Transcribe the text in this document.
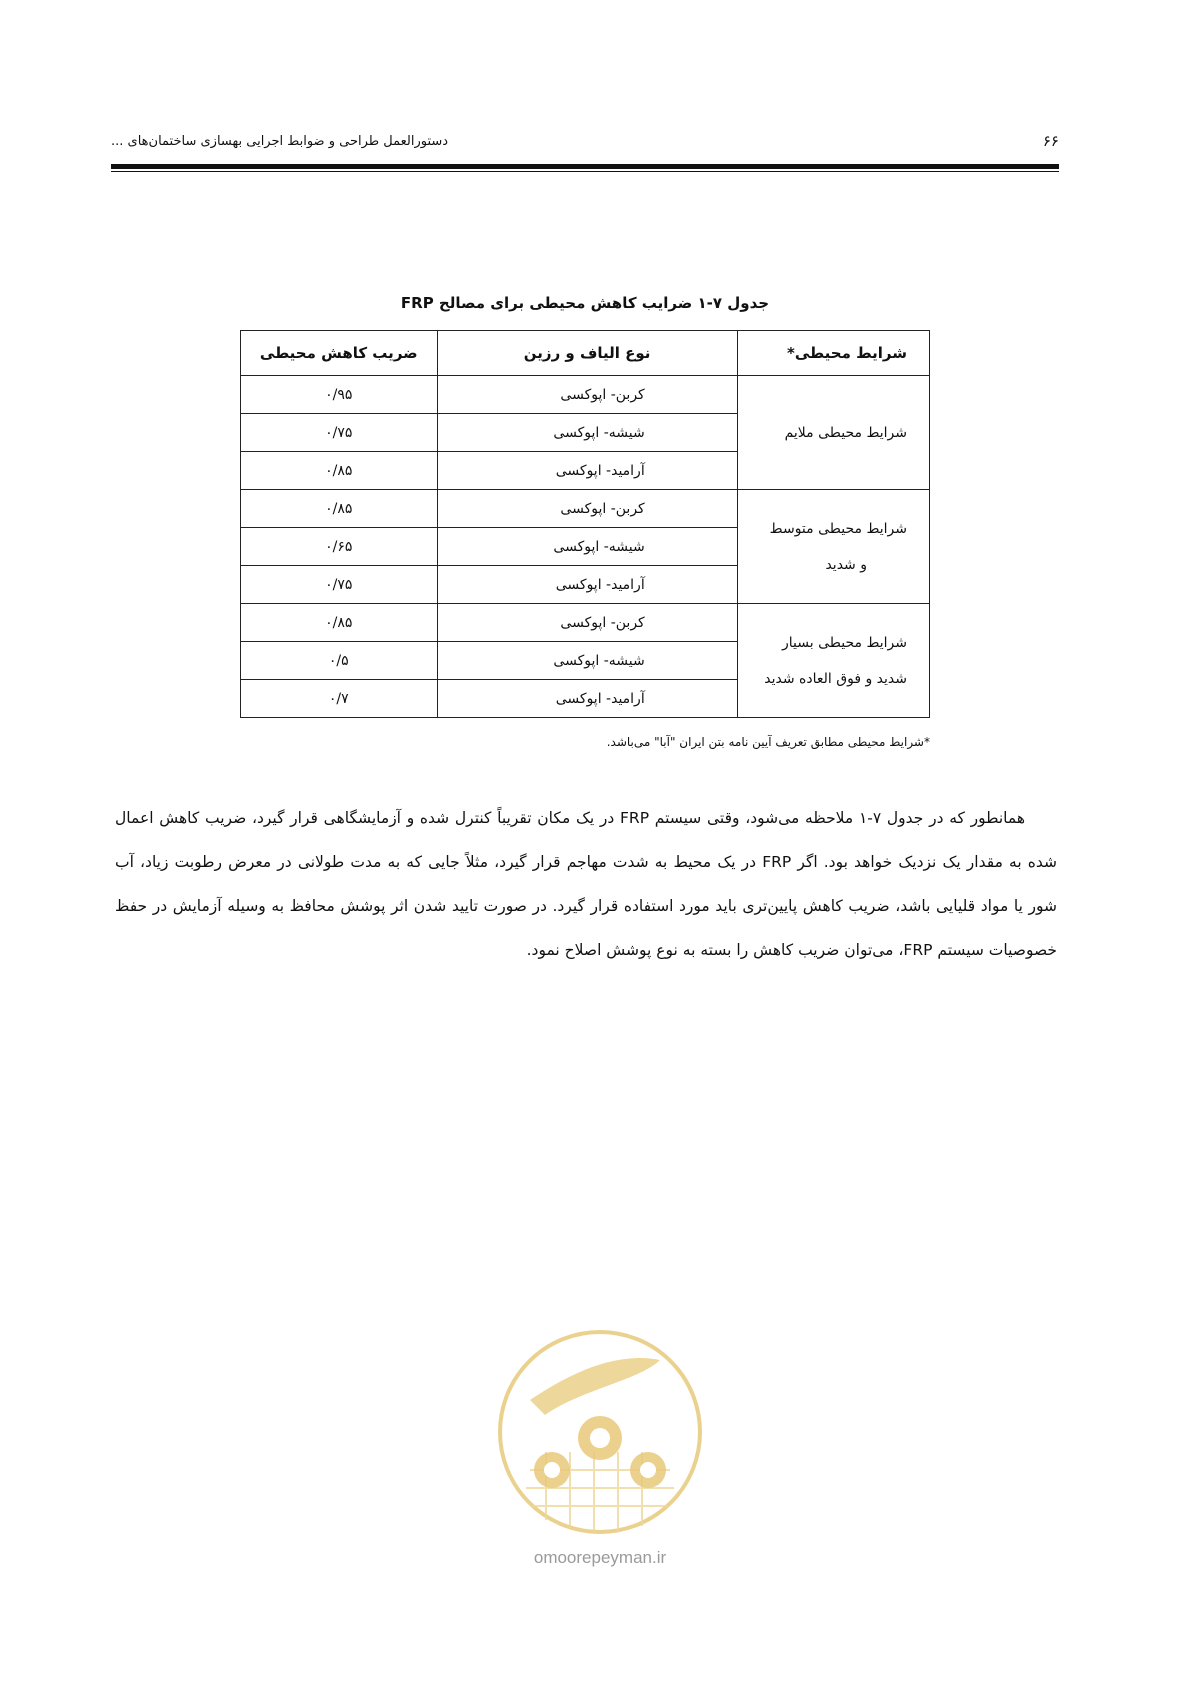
۶۶
دستورالعمل طراحی و ضوابط اجرایی بهسازی ساختمان‌های ...
جدول ۷-۱ ضرایب کاهش محیطی برای مصالح FRP
شرایط محیطی*	نوع الیاف و رزین	ضریب کاهش محیطی

شرایط محیطی ملایم	کربن- اپوکسی	۰/۹۵
	شیشه- اپوکسی	۰/۷۵
	آرامید- اپوکسی	۰/۸۵

شرایط محیطی متوسط
و شدید	کربن- اپوکسی	۰/۸۵
	شیشه- اپوکسی	۰/۶۵
	آرامید- اپوکسی	۰/۷۵

شرایط محیطی بسیار
شدید و فوق العاده شدید	کربن- اپوکسی	۰/۸۵
	شیشه- اپوکسی	۰/۵
	آرامید- اپوکسی	۰/۷
*شرایط محیطی مطابق تعریف آیین نامه بتن ایران "آبا" می‌باشد.

همانطور که در جدول ۷-۱ ملاحظه می‌شود، وقتی سیستم FRP در یک مکان تقریباً کنترل شده و آزمایشگاهی قرار گیرد، ضریب کاهش اعمال شده به مقدار یک نزدیک خواهد بود. اگر FRP در یک محیط به شدت مهاجم قرار گیرد، مثلاً جایی که به مدت طولانی در معرض رطوبت زیاد، آب شور یا مواد قلیایی باشد، ضریب کاهش پایین‌تری باید مورد استفاده قرار گیرد. در صورت تایید شدن اثر پوشش محافظ به وسیله آزمایش در حفظ خصوصیات سیستم FRP، می‌توان ضریب کاهش را بسته به نوع پوشش اصلاح نمود.

omoorepeyman.ir
